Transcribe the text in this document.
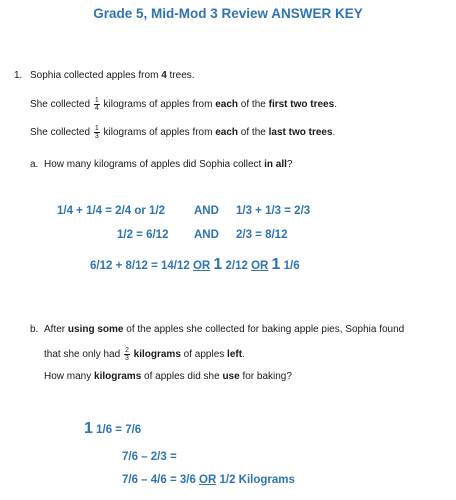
Grade 5, Mid-Mod 3 Review ANSWER KEY
1. Sophia collected apples from 4 trees.
She collected $\frac{1}{4}$ kilograms of apples from each of the first two trees.
She collected $\frac{1}{3}$ kilograms of apples from each of the last two trees.
a. How many kilograms of apples did Sophia collect in all?
1/4 + 1/4 = 2/4 or 1/2	AND 1/3 + 1/3 = 2/3
1/2 = 6/12 AND 2/3 = 8/12
6/12 + 8/12 = 14/12 OR 1 2/12 OR 1 1/6
b. After using some of the apples she collected for baking apple pies, Sophia found
that she only had $\frac{2}{3}$ kilograms of apples left.
How many kilograms of apples did she use for baking?
1 1/6 = 7/6
7/6 – 2/3 =
7/6 – 4/6 = 3/6 OR 1/2 Kilograms
